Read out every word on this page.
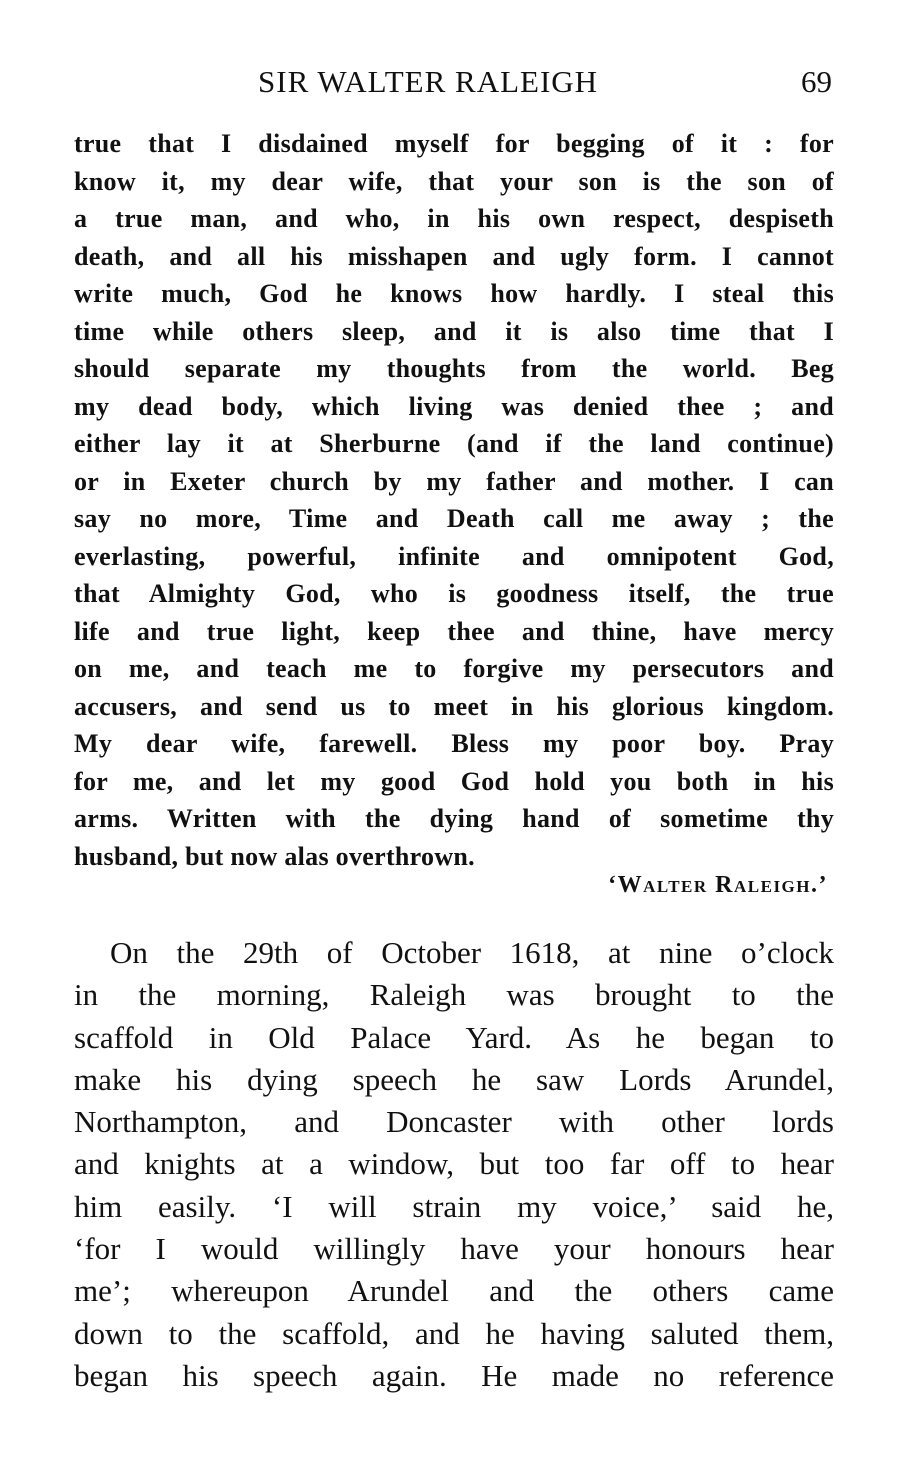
SIR WALTER RALEIGH	69
true that I disdained myself for begging of it : for
know it, my dear wife, that your son is the son of
a true man, and who, in his own respect, despiseth
death, and all his misshapen and ugly form. I cannot
write much, God he knows how hardly. I steal this
time while others sleep, and it is also time that I
should separate my thoughts from the world. Beg
my dead body, which living was denied thee ; and
either lay it at Sherburne (and if the land continue)
or in Exeter church by my father and mother. I can
say no more, Time and Death call me away ; the
everlasting, powerful, infinite and omnipotent God,
that Almighty God, who is goodness itself, the true
life and true light, keep thee and thine, have mercy
on me, and teach me to forgive my persecutors and
accusers, and send us to meet in his glorious kingdom.
My dear wife, farewell. Bless my poor boy. Pray
for me, and let my good God hold you both in his
arms. Written with the dying hand of sometime thy
husband, but now alas overthrown.
‘Walter Raleigh.’
On the 29th of October 1618, at nine o’clock
in the morning, Raleigh was brought to the
scaffold in Old Palace Yard. As he began to
make his dying speech he saw Lords Arundel,
Northampton, and Doncaster with other lords
and knights at a window, but too far off to hear
him easily. ‘I will strain my voice,’ said he,
‘for I would willingly have your honours hear
me’; whereupon Arundel and the others came
down to the scaffold, and he having saluted them,
began his speech again. He made no reference
